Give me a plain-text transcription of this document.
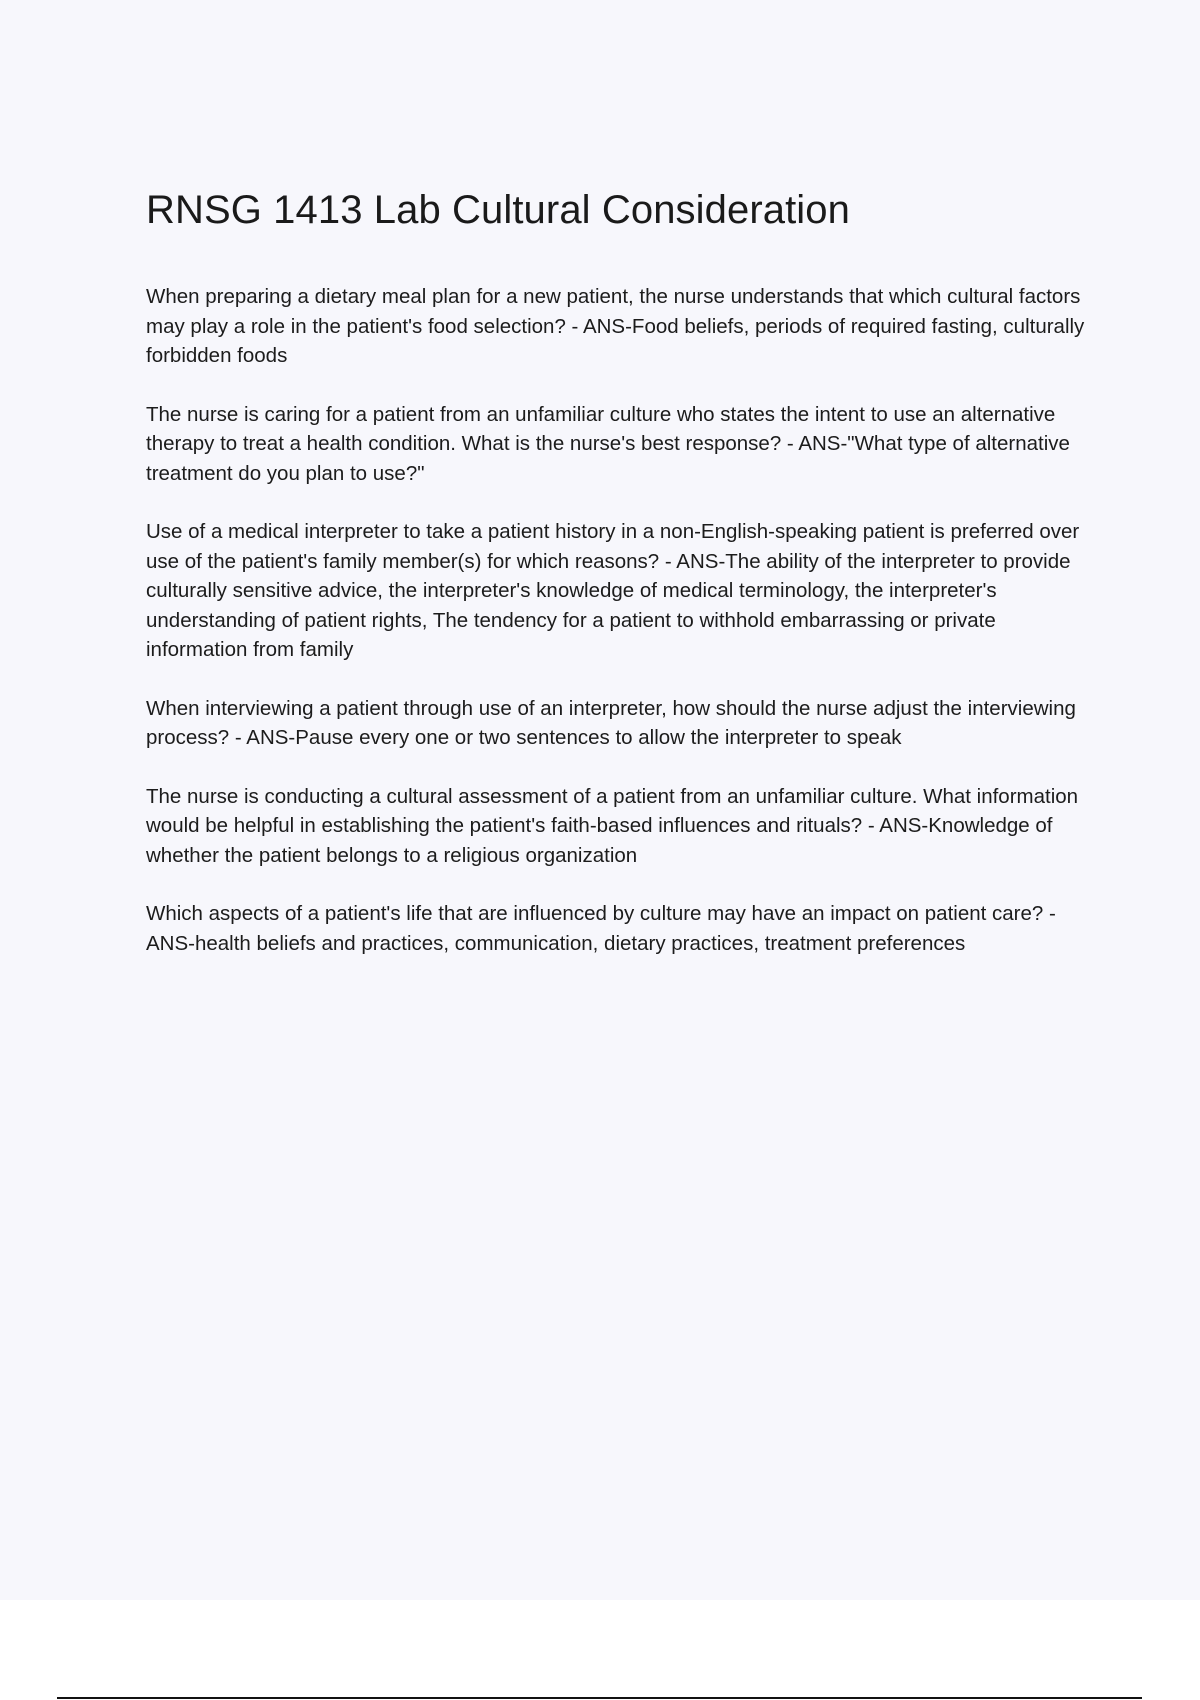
RNSG 1413 Lab Cultural Consideration

When preparing a dietary meal plan for a new patient, the nurse understands that which cultural factors may play a role in the patient's food selection? - ANS-Food beliefs, periods of required fasting, culturally forbidden foods

The nurse is caring for a patient from an unfamiliar culture who states the intent to use an alternative therapy to treat a health condition. What is the nurse's best response? - ANS-"What type of alternative treatment do you plan to use?"

Use of a medical interpreter to take a patient history in a non-English-speaking patient is preferred over use of the patient's family member(s) for which reasons? - ANS-The ability of the interpreter to provide culturally sensitive advice, the interpreter's knowledge of medical terminology, the interpreter's understanding of patient rights, The tendency for a patient to withhold embarrassing or private information from family

When interviewing a patient through use of an interpreter, how should the nurse adjust the interviewing process? - ANS-Pause every one or two sentences to allow the interpreter to speak

The nurse is conducting a cultural assessment of a patient from an unfamiliar culture. What information would be helpful in establishing the patient's faith-based influences and rituals? - ANS-Knowledge of whether the patient belongs to a religious organization

Which aspects of a patient's life that are influenced by culture may have an impact on patient care? - ANS-health beliefs and practices, communication, dietary practices, treatment preferences
